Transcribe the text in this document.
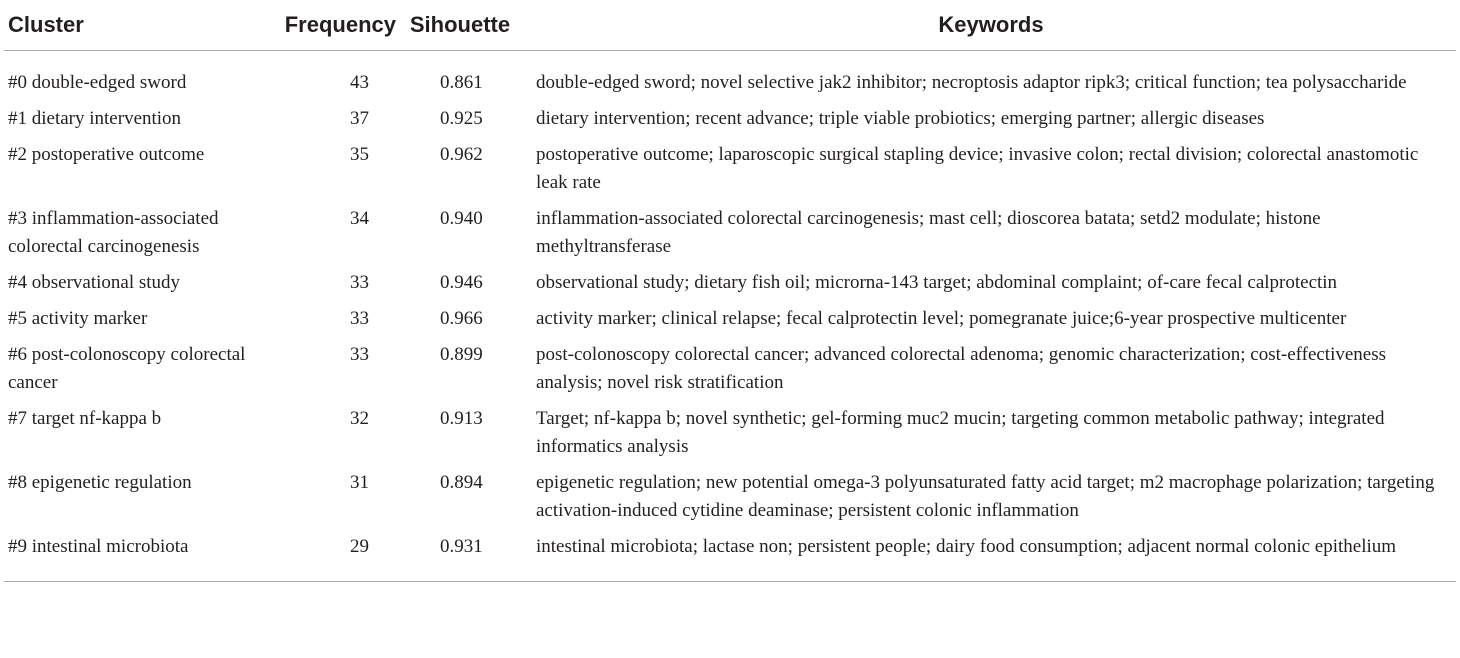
Cluster	Frequency	Sihouette	Keywords
#0 double-edged sword	43	0.861	double-edged sword; novel selective jak2 inhibitor; necroptosis adaptor ripk3; critical function; tea polysaccharide
#1 dietary intervention	37	0.925	dietary intervention; recent advance; triple viable probiotics; emerging partner; allergic diseases
#2 postoperative outcome	35	0.962	postoperative outcome; laparoscopic surgical stapling device; invasive colon; rectal division; colorectal anastomotic leak rate
#3 inflammation-associated colorectal carcinogenesis	34	0.940	inflammation-associated colorectal carcinogenesis; mast cell; dioscorea batata; setd2 modulate; histone methyltransferase
#4 observational study	33	0.946	observational study; dietary fish oil; microrna-143 target; abdominal complaint; of-care fecal calprotectin
#5 activity marker	33	0.966	activity marker; clinical relapse; fecal calprotectin level; pomegranate juice;6-year prospective multicenter
#6 post-colonoscopy colorectal cancer	33	0.899	post-colonoscopy colorectal cancer; advanced colorectal adenoma; genomic characterization; cost-effectiveness analysis; novel risk stratification
#7 target nf-kappa b	32	0.913	Target; nf-kappa b; novel synthetic; gel-forming muc2 mucin; targeting common metabolic pathway; integrated informatics analysis
#8 epigenetic regulation	31	0.894	epigenetic regulation; new potential omega-3 polyunsaturated fatty acid target; m2 macrophage polarization; targeting activation-induced cytidine deaminase; persistent colonic inflammation
#9 intestinal microbiota	29	0.931	intestinal microbiota; lactase non; persistent people; dairy food consumption; adjacent normal colonic epithelium
